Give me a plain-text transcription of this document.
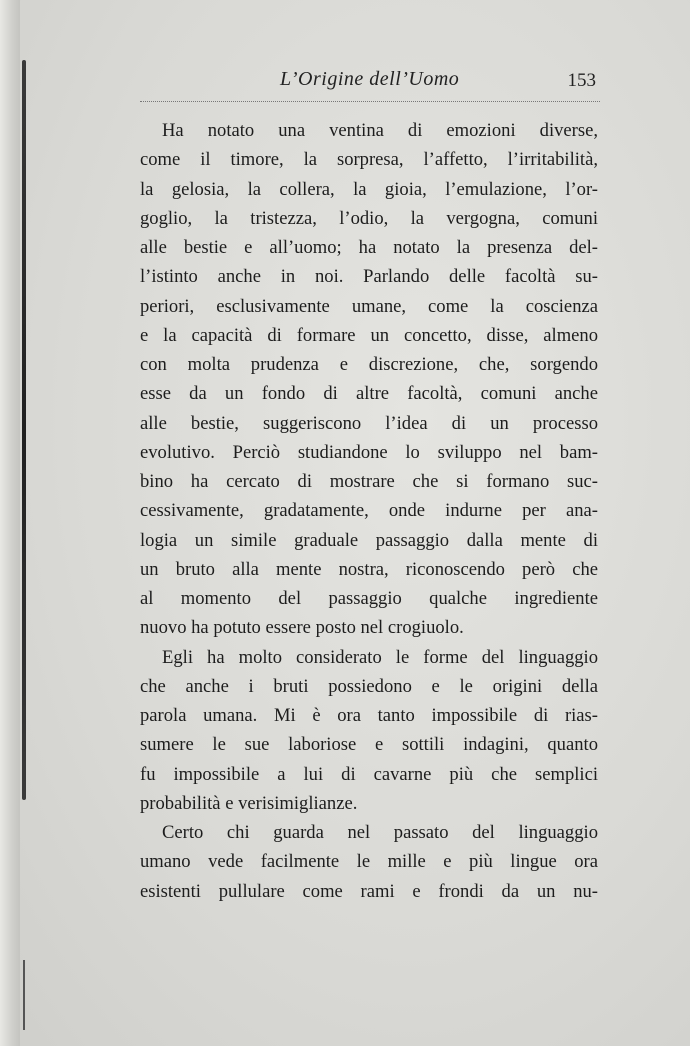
L’Origine dell’Uomo	153
Ha notato una ventina di emozioni diverse,
come il timore, la sorpresa, l’affetto, l’irritabilità,
la gelosia, la collera, la gioia, l’emulazione, l’or-
goglio, la tristezza, l’odio, la vergogna, comuni
alle bestie e all’uomo; ha notato la presenza del-
l’istinto anche in noi. Parlando delle facoltà su-
periori, esclusivamente umane, come la coscienza
e la capacità di formare un concetto, disse, almeno
con molta prudenza e discrezione, che, sorgendo
esse da un fondo di altre facoltà, comuni anche
alle bestie, suggeriscono l’idea di un processo
evolutivo. Perciò studiandone lo sviluppo nel bam-
bino ha cercato di mostrare che si formano suc-
cessivamente, gradatamente, onde indurne per ana-
logia un simile graduale passaggio dalla mente di
un bruto alla mente nostra, riconoscendo però che
al momento del passaggio qualche ingrediente
nuovo ha potuto essere posto nel crogiuolo.
Egli ha molto considerato le forme del linguaggio
che anche i bruti possiedono e le origini della
parola umana. Mi è ora tanto impossibile di rias-
sumere le sue laboriose e sottili indagini, quanto
fu impossibile a lui di cavarne più che semplici
probabilità e verisimiglianze.
Certo chi guarda nel passato del linguaggio
umano vede facilmente le mille e più lingue ora
esistenti pullulare come rami e frondi da un nu-
